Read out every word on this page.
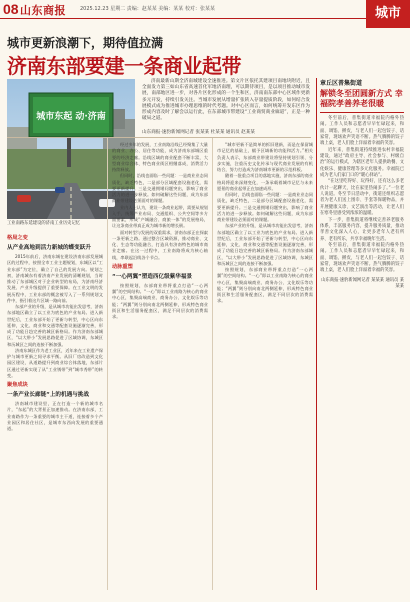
08 山东商报	2025.12.23 星期二 责编：赵某某 美编：某某 校对：张某某	城市
城市更新浪潮下，期待值拉满
济南东部要建一条商业起带
城市东起 动·济南
工业南路东延建设的济南工业历史记忆
济南最新山期全济南城建设全速推进。第文片区依托其建项目南地块附近，且全面发力第三如山东省高速首化军地济南理，可以期待项目，是以项目推动城市发展，南部地区进一步，对各片区化形成的一个生和区，济南南东部中心区域作更新多元开发，持续引发关注。当城市发展从增量扩张转入存量提质阶段，如何结合发展模式成为推进城市办理思维的时代考题。对中心区而言，如何统筹开发东区作为形成内容及时了解会以运行此，在东部城市带建设“工业商贸商业廊道”，正是一种破局之道。
山东商报·速豹新闻网记者 张某某 杜某某 通讯员 赵某某
格局之变
从产业高地到活力新城的蝶变跃升

2015年前后，济南东城在建设济南东部发展城区的过程中，按照全市工业主题规划，东城区以“工业东部”为定位，确立了自己的发展方向。规划之初，济南城东有着济南产业发展的清晰规划，当时推动了东部城区对于企业转型的布局，为济南经济发展、产业升级提供了重要保障。在工业文明的发展历程中，工业东部的概念被写入了一系列规划文件中，指引着这片区域一路向前。

东部产业的升级，是从城市功能出发思考，济南东部地区确立了以工业为底色的产业布局。进入新世纪后，工业东部开始了更新与转型，中心区向东延伸，文化、商业和交通等配套设施逐渐完善，形成了功能日趋完善的城区新格局。作为济南东部城区，“以大带小”发展思路促进了区域协调，东城区和历城区之间的连接不断加强。

济南东城区作为老工业区，近年来在工业遗产保护与城市更新之间寻求平衡。从旧厂房改造到文化园区建设，从道路提升到商业综合体落地，东部片区通过更新实现了从“工业锈带”到“城市秀带”的转变。

聚焦成块
一条产业长廊链“上的机遇与挑战

济南城市建设里，正在打造一个新的城市名片，“东起”的大背景正加速推动。在济南东部，工业南路作为一条重要的城市主干道，连接着多个产业园区和居住社区，是城市东西向发展的重要通道。

经过多年的发展，工业南路沿线已经聚集了大量的商业、办公、居住等功能，成为济南东部城区重要的经济走廊。沿线区域的商业配套不断丰富，大型商业综合体、特色商业街区相继落成，消费活力持续释放。

但同时，沿线也面临一些问题：一是商业业态同质化，缺乏特色，二是部分区域配套设施老化，需要更新提升。三是交通拥堵问题突出，影响了商业活力的进一步释放。如何破解这些问题，成为东部商业带建设必须面对的课题。

业内人士认为，建设一条商业起带，需要从规划入手，统筹产业布局、交通组织、公共空间等多方面要素，形成“产城融合、商旅一体”的发展格局，让这条商业带真正成为城市新的增长极。

面对转型与发展的双重需求，济南东部正在探索一条更新之路。通过整合区域资源，推动商业、文化、生态等功能融合，打造具有济南特色的城市商业走廊。在这一过程中，工业南路将成为核心轴线，串联起沿线各个节点。

动脉重塑
“一心两翼”塑造西亿级紫华福景

按照规划，东部商业带将重点打造“一心两翼”的空间结构。“一心”即以工业南路为核心的商业中心区，集聚高端商业、商务办公、文化娱乐等功能；“两翼”则分别向南北两侧延伸，形成特色商业街区和生活服务配套区，满足不同层次的消费需求。

“城市更新不是简单的拆旧建新，而是在保留城市记忆的基础上，赋予区域新的功能和活力。”相关负责人表示，东部商业带建设将坚持规划引领、分步实施，注重历史文化传承与现代商业发展的有机结合，努力打造成为济南城市更新的示范样板。

随着一批重点项目的落地实施，济南东部的商业格局将迎来深刻变化，一条承载着城市记忆与未来愿景的商业起带正在加速成形。

但同时，沿线也面临一些问题：一是商业业态同质化，缺乏特色，二是部分区域配套设施老化，需要更新提升。三是交通拥堵问题突出，影响了商业活力的进一步释放。如何破解这些问题，成为东部商业带建设必须面对的课题。

东部产业的升级，是从城市功能出发思考，济南东部地区确立了以工业为底色的产业布局。进入新世纪后，工业东部开始了更新与转型，中心区向东延伸，文化、商业和交通等配套设施逐渐完善，形成了功能日趋完善的城区新格局。作为济南东部城区，“以大带小”发展思路促进了区域协调，东城区和历城区之间的连接不断加强。

按照规划，东部商业带将重点打造“一心两翼”的空间结构。“一心”即以工业南路为核心的商业中心区，集聚高端商业、商务办公、文化娱乐等功能；“两翼”则分别向南北两侧延伸，形成特色商业街区和生活服务配套区，满足不同层次的消费需求。

章丘区普集街道
解锁冬至团圆新方式 幸福院孝善养老很暖

冬至前后，普集街道幸福院内格外热闹。工作人员和志愿者早早忙碌起来，和面、调馅、擀皮，与老人们一起包饺子、话家常，现场欢声笑语不断。热气腾腾的饺子端上桌，老人们脸上洋溢着幸福的笑容。

近年来，普集街道持续推进农村幸福院建设，通过“政府主导、社会参与、村级自治”的运行模式，为辖区老年人提供助餐、文化娱乐、健康管理等多元化服务。幸福院已成为老人们家门口的“暖心驿站”。

“在这里吃得好、玩得好，还有这么多老伙计一起聊天，比在家里热闹多了。”一位老人说道。冬至节日活动中，街道还组织志愿者为老人们送上围巾、手套等保暖物品，并开展健康义诊、文艺演出等活动，让老人们在寒冬里感受到浓浓的温暖。

下一步，普集街道将继续完善养老服务体系，丰富服务内容，提升服务质量，推动孝善文化深入人心，让更多老年人老有所养、老有所乐，共享幸福晚年生活。

冬至前后，普集街道幸福院内格外热闹。工作人员和志愿者早早忙碌起来，和面、调馅、擀皮，与老人们一起包饺子、话家常，现场欢声笑语不断。热气腾腾的饺子端上桌，老人们脸上洋溢着幸福的笑容。

山东商报·速豹新闻网记者 某某某 通讯员 某某某
